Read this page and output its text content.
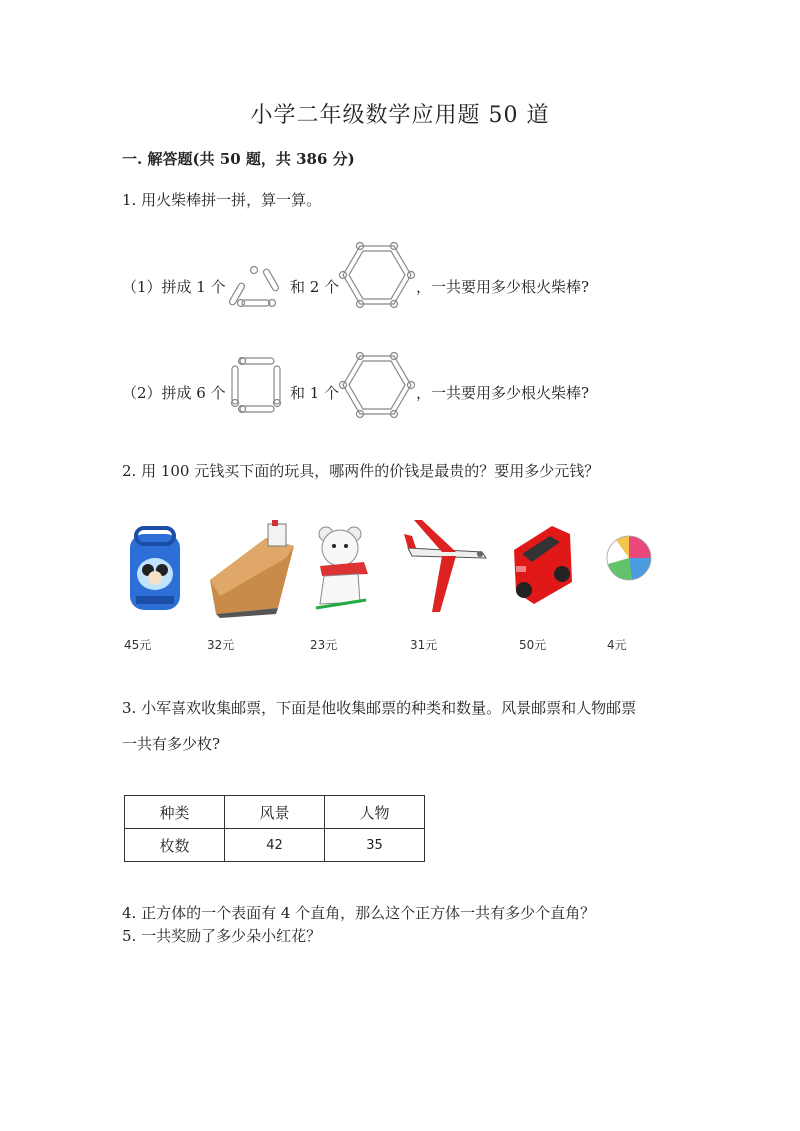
小学二年级数学应用题 50 道
一. 解答题(共 50 题，共 386 分)
1. 用火柴棒拼一拼，算一算。
（1）拼成 1 个	和 2 个	，一共要用多少根火柴棒?
（2）拼成 6 个	和 1 个	，一共要用多少根火柴棒?
2. 用 100 元钱买下面的玩具，哪两件的价钱是最贵的？要用多少元钱？
45元	32元	23元	31元	50元	4元
3. 小军喜欢收集邮票，下面是他收集邮票的种类和数量。风景邮票和人物邮票
一共有多少枚?
种类	风景	人物
枚数	42	35
4. 正方体的一个表面有 4 个直角，那么这个正方体一共有多少个直角？
5. 一共奖励了多少朵小红花？
